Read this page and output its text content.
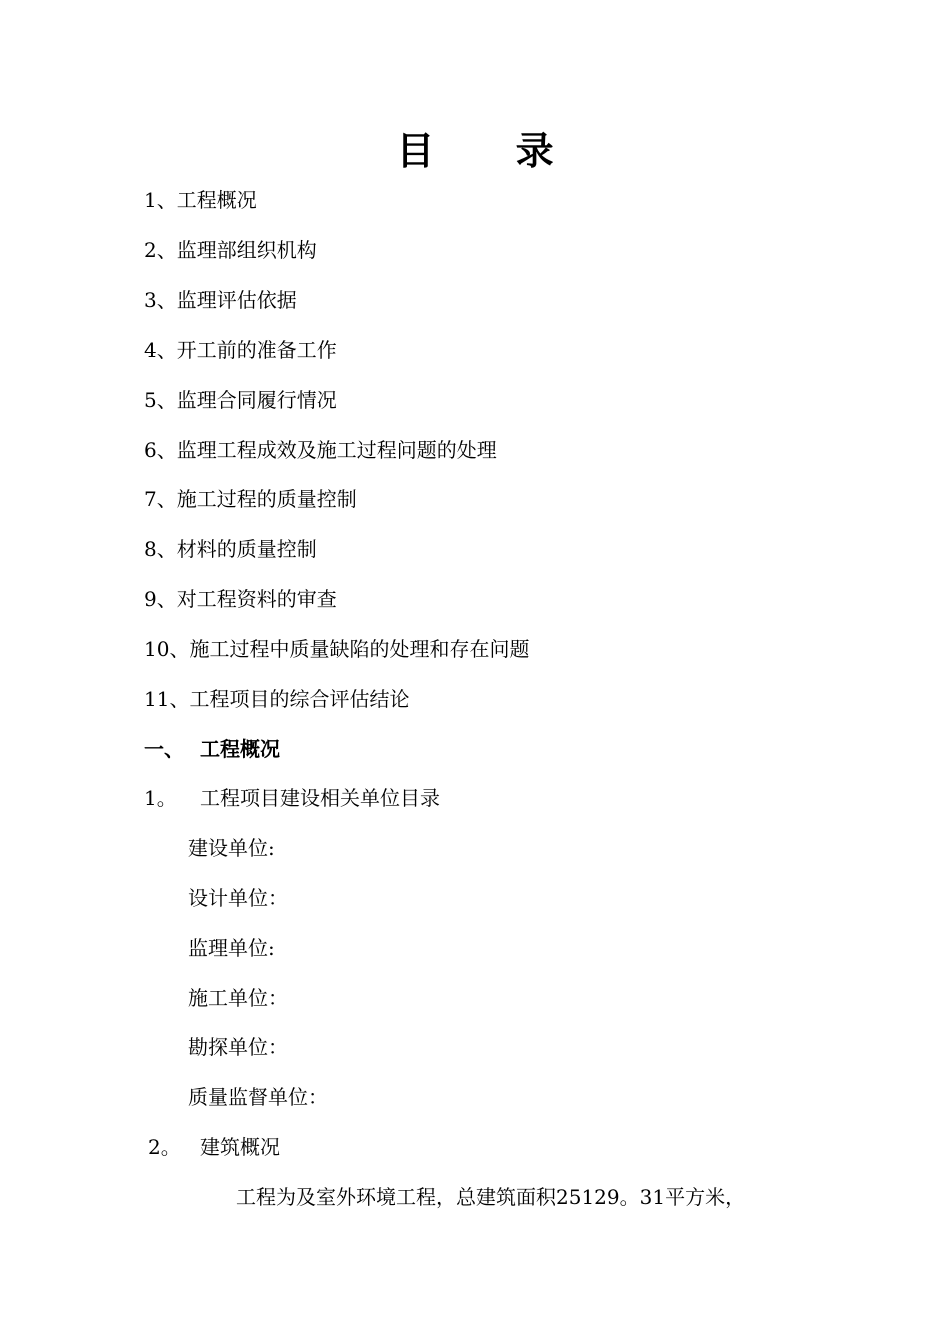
目 录
1、工程概况
2、监理部组织机构
3、监理评估依据
4、开工前的准备工作
5、监理合同履行情况
6、监理工程成效及施工过程问题的处理
7、施工过程的质量控制
8、材料的质量控制
9、对工程资料的审查
10、施工过程中质量缺陷的处理和存在问题
11、工程项目的综合评估结论
一、 工程概况
1。 工程项目建设相关单位目录
建设单位:
设计单位：
监理单位:
施工单位：
勘探单位：
质量监督单位：
2。 建筑概况
工程为及室外环境工程，总建筑面积25129。31平方米，
